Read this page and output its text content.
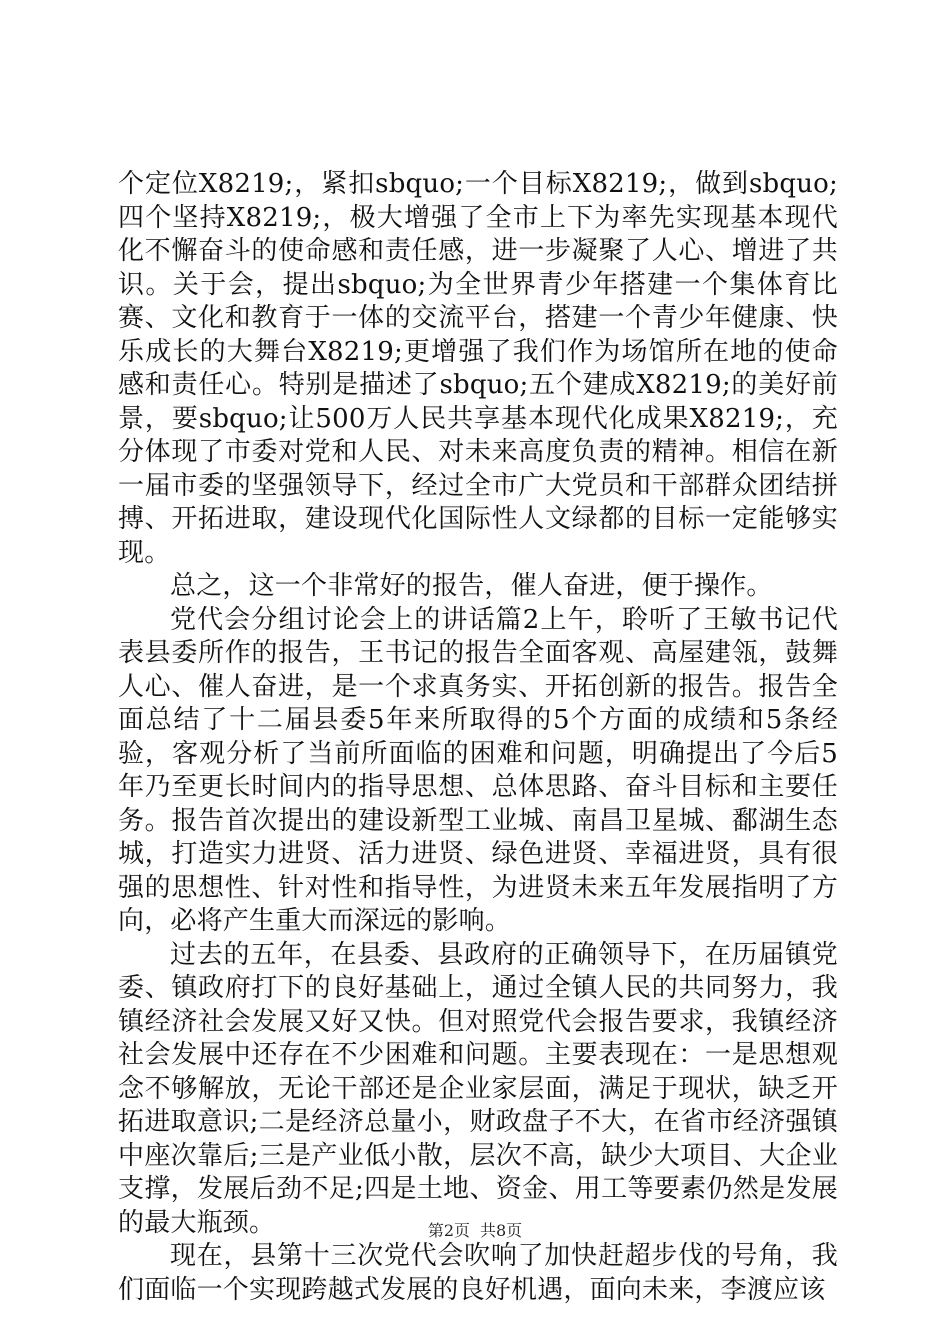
个定位X8219;，紧扣sbquo;一个目标X8219;，做到sbquo;四个坚持X8219;，极大增强了全市上下为率先实现基本现代化不懈奋斗的使命感和责任感，进一步凝聚了人心、增进了共识。关于会，提出sbquo;为全世界青少年搭建一个集体育比赛、文化和教育于一体的交流平台，搭建一个青少年健康、快乐成长的大舞台X8219;更增强了我们作为场馆所在地的使命感和责任心。特别是描述了sbquo;五个建成X8219;的美好前景，要sbquo;让500万人民共享基本现代化成果X8219;，充分体现了市委对党和人民、对未来高度负责的精神。相信在新一届市委的坚强领导下，经过全市广大党员和干部群众团结拼搏、开拓进取，建设现代化国际性人文绿都的目标一定能够实现。

总之，这一个非常好的报告，催人奋进，便于操作。

党代会分组讨论会上的讲话篇2上午，聆听了王敏书记代表县委所作的报告，王书记的报告全面客观、高屋建瓴，鼓舞人心、催人奋进，是一个求真务实、开拓创新的报告。报告全面总结了十二届县委5年来所取得的5个方面的成绩和5条经验，客观分析了当前所面临的困难和问题，明确提出了今后5年乃至更长时间内的指导思想、总体思路、奋斗目标和主要任务。报告首次提出的建设新型工业城、南昌卫星城、鄱湖生态城，打造实力进贤、活力进贤、绿色进贤、幸福进贤，具有很强的思想性、针对性和指导性，为进贤未来五年发展指明了方向，必将产生重大而深远的影响。

过去的五年，在县委、县政府的正确领导下，在历届镇党委、镇政府打下的良好基础上，通过全镇人民的共同努力，我镇经济社会发展又好又快。但对照党代会报告要求，我镇经济社会发展中还存在不少困难和问题。主要表现在：一是思想观念不够解放，无论干部还是企业家层面，满足于现状，缺乏开拓进取意识;二是经济总量小，财政盘子不大，在省市经济强镇中座次靠后;三是产业低小散，层次不高，缺少大项目、大企业支撑，发展后劲不足;四是土地、资金、用工等要素仍然是发展的最大瓶颈。

现在，县第十三次党代会吹响了加快赶超步伐的号角，我们面临一个实现跨越式发展的良好机遇，面向未来，李渡应该

第2页 共8页
